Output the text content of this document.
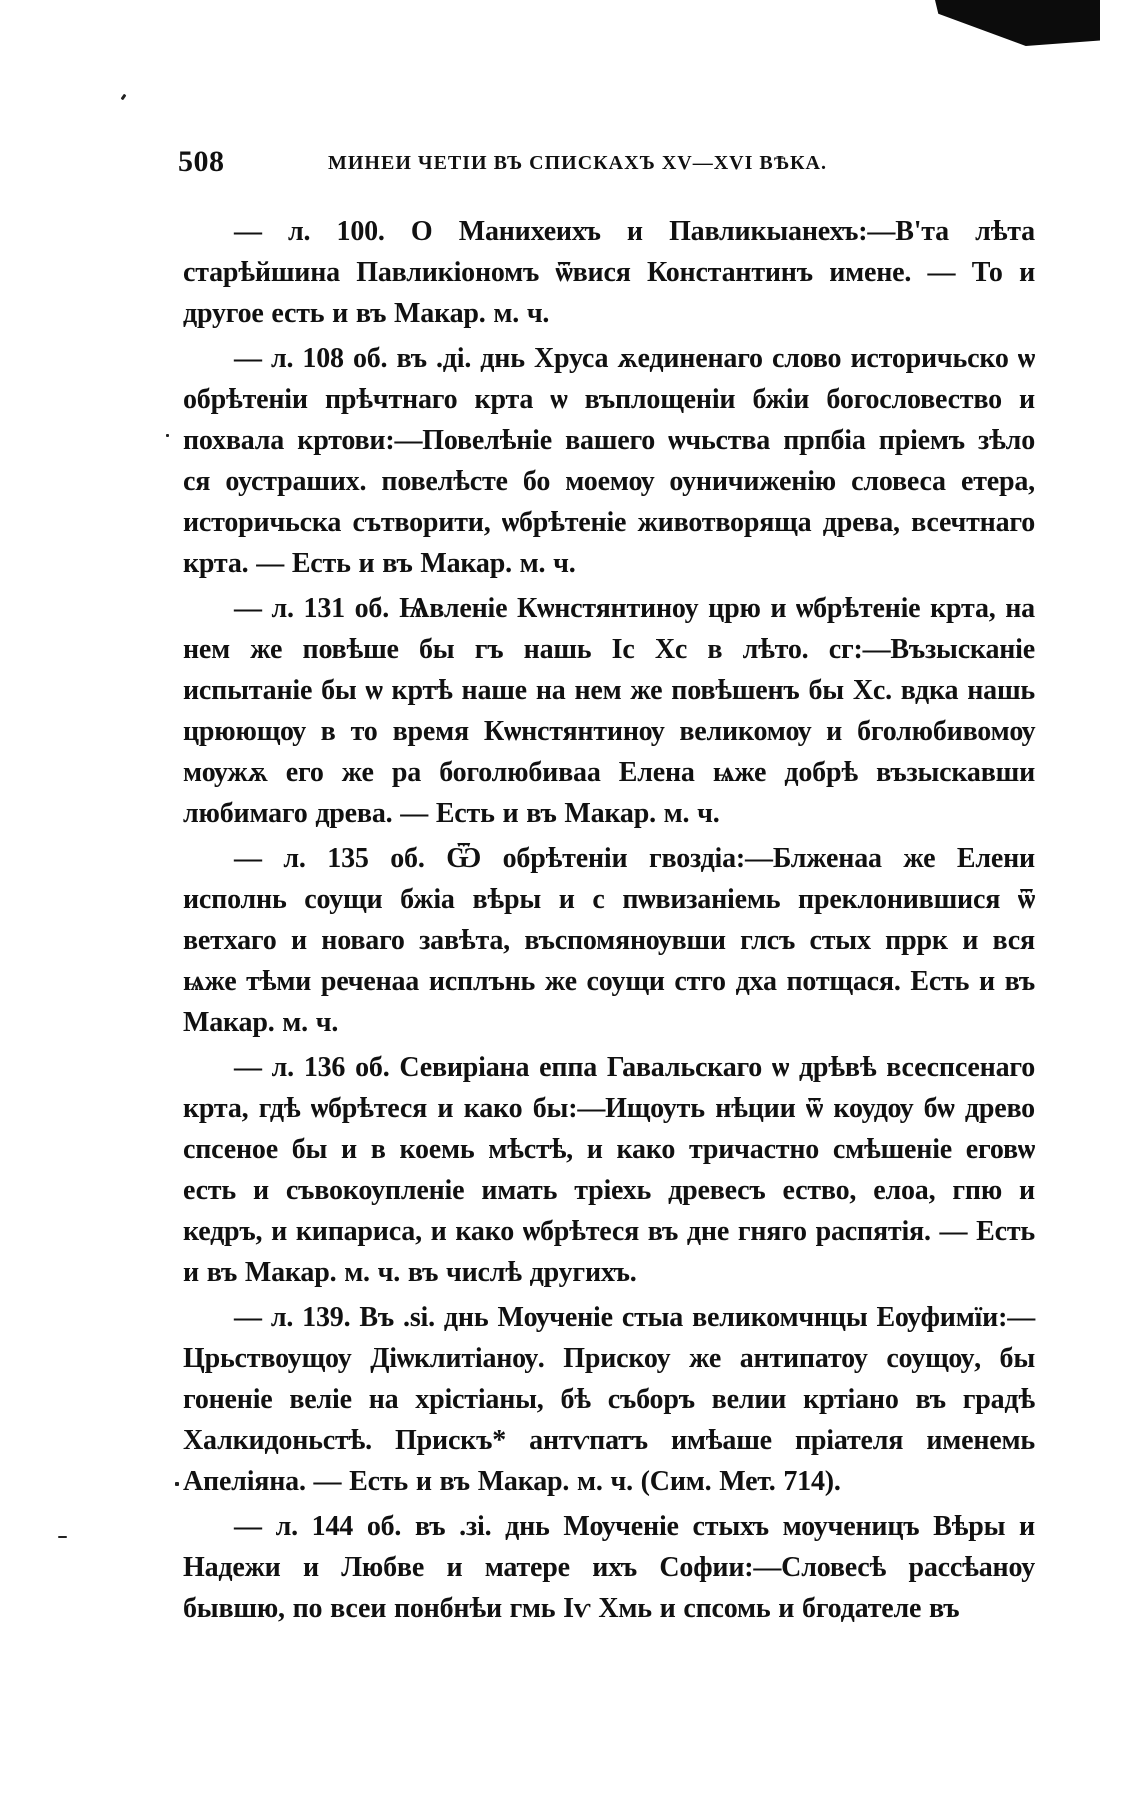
508	МИНЕИ ЧЕТІИ ВЪ СПИСКАХЪ XV—XVI ВѢКА.

— л. 100. О Манихеихъ и Павликыанехъ:—В'та лѣта старѣйшина Павликіономъ ѿвися Константинъ имене. — То и другое есть и въ Макар. м. ч.

— л. 108 об. въ .ді. днь Хруса ѫединенаго слово историчьско ѡ обрѣтеніи прѣчтнаго крта ѡ въплощеніи бжіи богословество и похвала кртови:—Повелѣніе вашего ѡчьства прпбіа пріемъ зѣло ся оустраших. повелѣсте бо моемѹ оуничиженію словеса етера, историчьска сътворити, ѡбрѣтеніе животворяща древа, всечтнаго крта. — Есть и въ Макар. м. ч.

— л. 131 об. Ѩвленіе Кѡнстянтиноу црю и ѡбрѣтеніе крта, на нем же повѣше бы гъ нашь Іс Хс в лѣто. сг:—Възысканіе испытаніе бы ѡ кртѣ наше на нем же повѣшенъ бы Хс. вдка нашь црюющѹ в то время Кѡнстянтинѹ великомѹ и бголюбивомѹ мѹжѫ его же ра боголюбиваа Елена ѩже добрѣ възыскавши любимаго древа. — Есть и въ Макар. м. ч.

— л. 135 об. Ѿ обрѣтеніи гвоздіа:—Блженаа же Елени исполнь соущи бжіа вѣры и с пѡвизаніемь преклонившися ѿ ветхаго и новаго завѣта, въспомянѹвши глсъ стых пррк и вся ѩже тѣми реченаа исплънь же соущи стго дха потщася. Есть и въ Макар. м. ч.

— л. 136 об. Севиріана еппа Гавальскаго ѡ дрѣвѣ всеспсенаго крта, гдѣ ѡбрѣтеся и како бы:—Ищоуть нѣции ѿ коудѹ бѡ древо спсеное бы и в коемь мѣстѣ, и како тричастно смѣшеніе еговѡ есть и съвокоупленіе имать тріехь древесъ ество, елоа, гпю и кедръ, и кипариса, и како ѡбрѣтеся въ дне гняго распятія. — Есть и въ Макар. м. ч. въ числѣ другихъ.

— л. 139. Въ .ѕі. днь Мѹченіе стыа великомчнцы Еѹфимїи:—Црьствоущоу Діѡклитіанѹ. Прискоу же антипатоу соущѹ, бы гоненіе веліе на хрістіаны, бѣ съборъ велии кртіано въ градѣ Халкидоньстѣ. Прискъ* антѵпатъ имѣаше пріателя именемь Апеліяна. — Есть и въ Макар. м. ч. (Сим. Мет. 714).

— л. 144 об. въ .зі. днь Мѹченіе стыхъ моученицъ Вѣры и Надежи и Любве и матере ихъ Софии:—Словесѣ рассѣаноу бывшю, по всеи понбнѣи гмь Іѵ Хмь и спсомь и бгодателе въ
